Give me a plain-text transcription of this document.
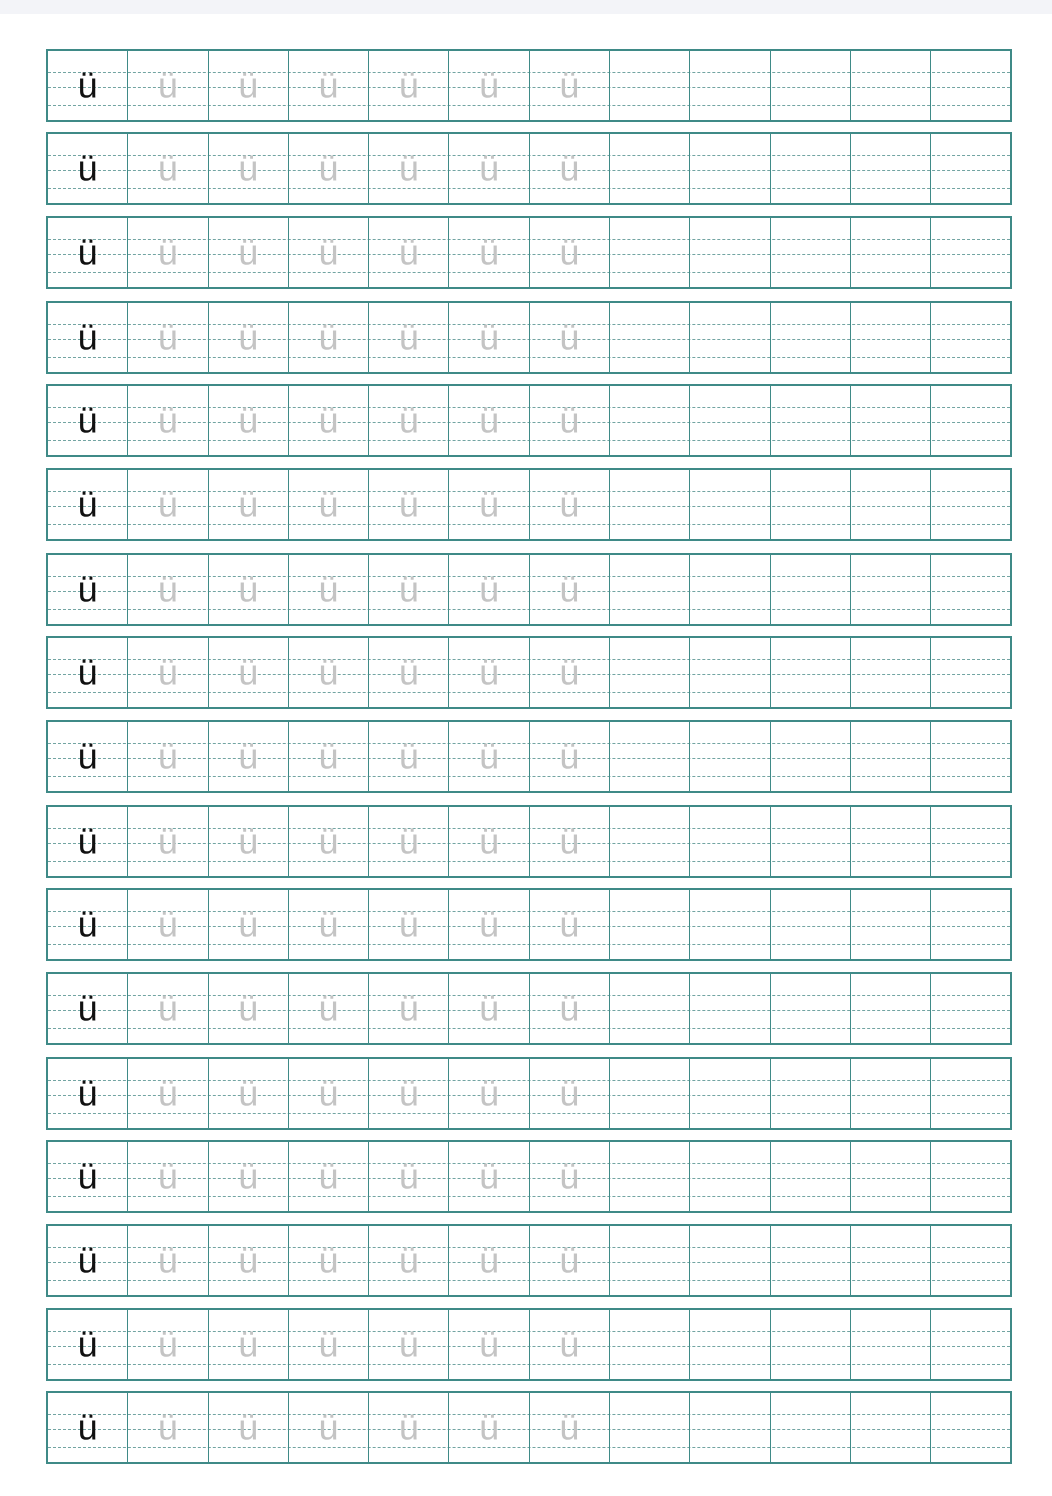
ü	ü	ü	ü	ü	ü	ü
ü	ü	ü	ü	ü	ü	ü
ü	ü	ü	ü	ü	ü	ü
ü	ü	ü	ü	ü	ü	ü
ü	ü	ü	ü	ü	ü	ü
ü	ü	ü	ü	ü	ü	ü
ü	ü	ü	ü	ü	ü	ü
ü	ü	ü	ü	ü	ü	ü
ü	ü	ü	ü	ü	ü	ü
ü	ü	ü	ü	ü	ü	ü
ü	ü	ü	ü	ü	ü	ü
ü	ü	ü	ü	ü	ü	ü
ü	ü	ü	ü	ü	ü	ü
ü	ü	ü	ü	ü	ü	ü
ü	ü	ü	ü	ü	ü	ü
ü	ü	ü	ü	ü	ü	ü
ü	ü	ü	ü	ü	ü	ü
